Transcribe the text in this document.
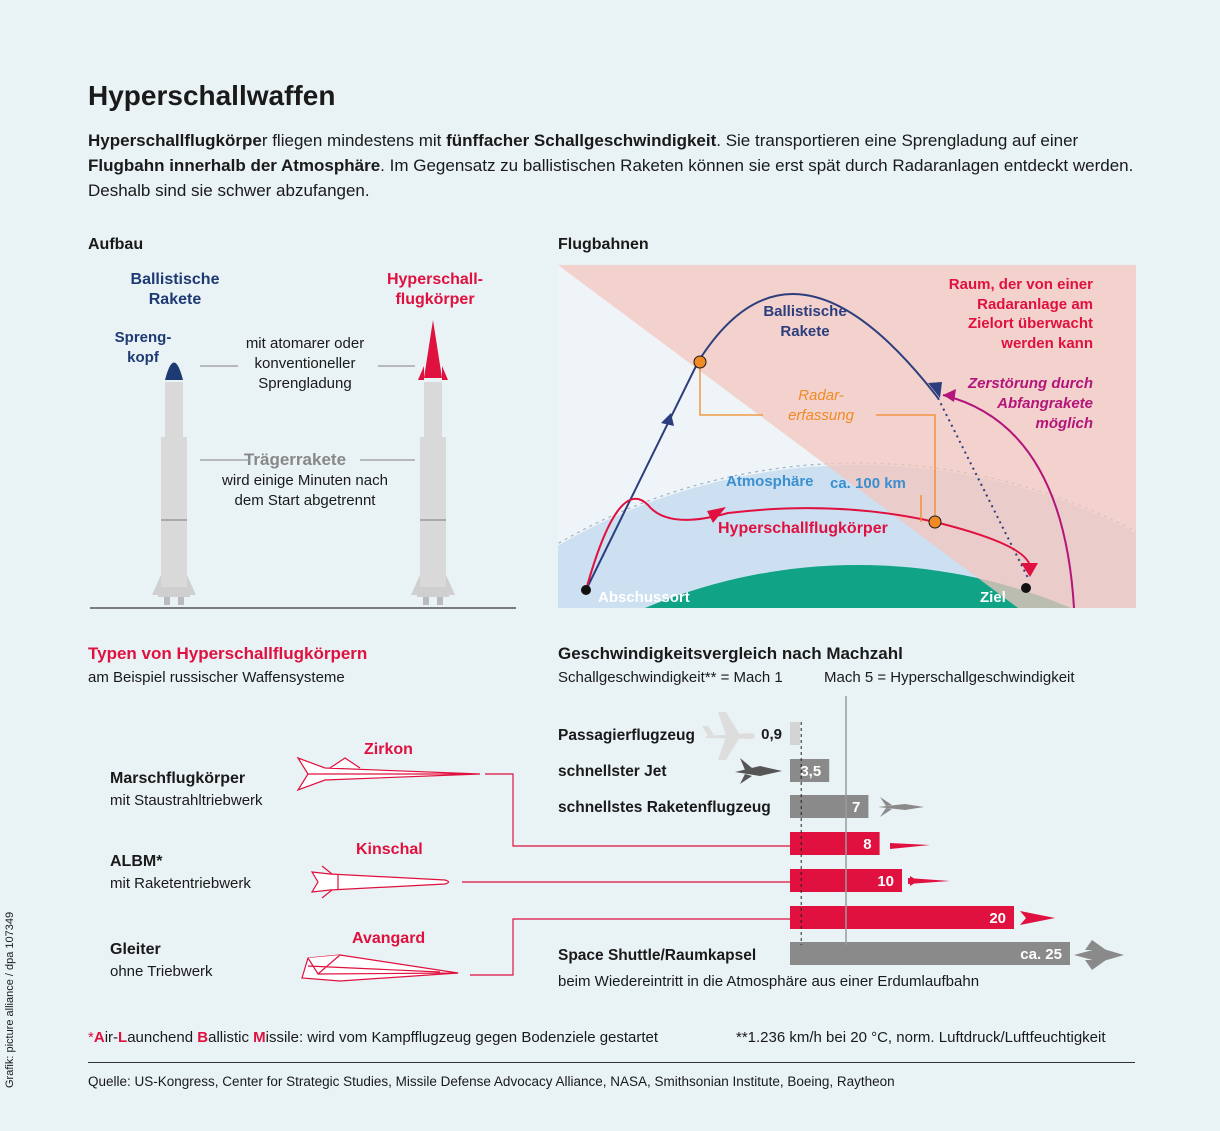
Hyperschallwaffen

Hyperschallflugkörper fliegen mindestens mit fünffacher Schallgeschwindigkeit. Sie transportieren eine Sprengladung auf einer Flugbahn innerhalb der Atmosphäre. Im Gegensatz zu ballistischen Raketen können sie erst spät durch Radaranlagen entdeckt werden. Deshalb sind sie schwer abzufangen.

Aufbau
Ballistische Rakete
Hyperschall-flugkörper
Spreng-kopf
mit atomarer oder konventioneller Sprengladung
Trägerrakete
wird einige Minuten nach dem Start abgetrennt
Flugbahnen
Ballistische Rakete
Raum, der von einer Radaranlage am Zielort überwacht werden kann
Zerstörung durch Abfangrakete möglich
Radar-erfassung
Atmosphäre ca. 100 km
Hyperschallflugkörper
Abschussort	Ziel
Typen von Hyperschallflugkörpern
am Beispiel russischer Waffensysteme
Zirkon
Marschflugkörper
mit Staustrahltriebwerk
Kinschal
ALBM*
mit Raketentriebwerk
Avangard
Gleiter
ohne Triebwerk
Geschwindigkeitsvergleich nach Machzahl
Schallgeschwindigkeit** = Mach 1	Mach 5 = Hyperschallgeschwindigkeit
Passagierflugzeug
schnellster Jet
schnellstes Raketenflugzeug
Space Shuttle/Raumkapsel
beim Wiedereintritt in die Atmosphäre aus einer Erdumlaufbahn
0,9
3,5
7
8
10
20
ca. 25
*Air-Launchend Ballistic Missile: wird vom Kampfflugzeug gegen Bodenziele gestartet	**1.236 km/h bei 20 °C, norm. Luftdruck/Luftfeuchtigkeit
Quelle: US-Kongress, Center for Strategic Studies, Missile Defense Advocacy Alliance, NASA, Smithsonian Institute, Boeing, Raytheon
Grafik: picture alliance / dpa 107349
